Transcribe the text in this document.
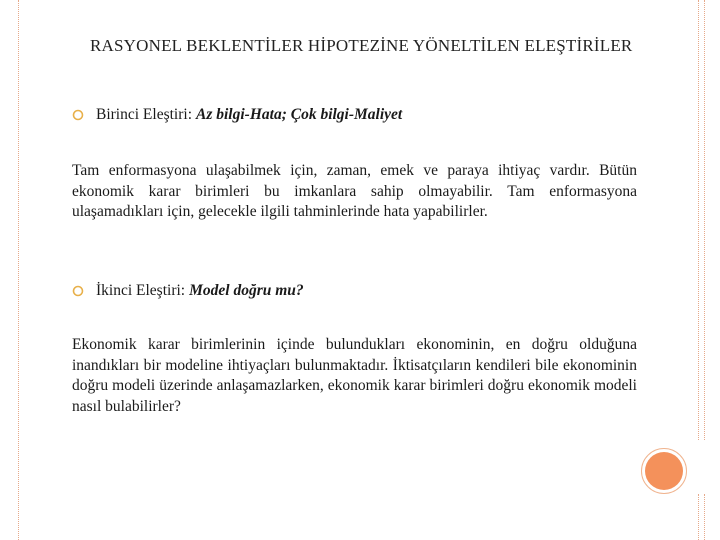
RASYONEL BEKLENTİLER HİPOTEZİNE YÖNELTİLEN ELEŞTİRİLER
Birinci Eleştiri: Az bilgi-Hata; Çok bilgi-Maliyet
Tam enformasyona ulaşabilmek için, zaman, emek ve paraya ihtiyaç vardır. Bütün ekonomik karar birimleri bu imkanlara sahip olmayabilir. Tam enformasyona ulaşamadıkları için, gelecekle ilgili tahminlerinde hata yapabilirler.
İkinci Eleştiri: Model doğru mu?
Ekonomik karar birimlerinin içinde bulundukları ekonominin, en doğru olduğuna inandıkları bir modeline ihtiyaçları bulunmaktadır. İktisatçıların kendileri bile ekonominin doğru modeli üzerinde anlaşamazlarken, ekonomik karar birimleri doğru ekonomik modeli nasıl bulabilirler?
